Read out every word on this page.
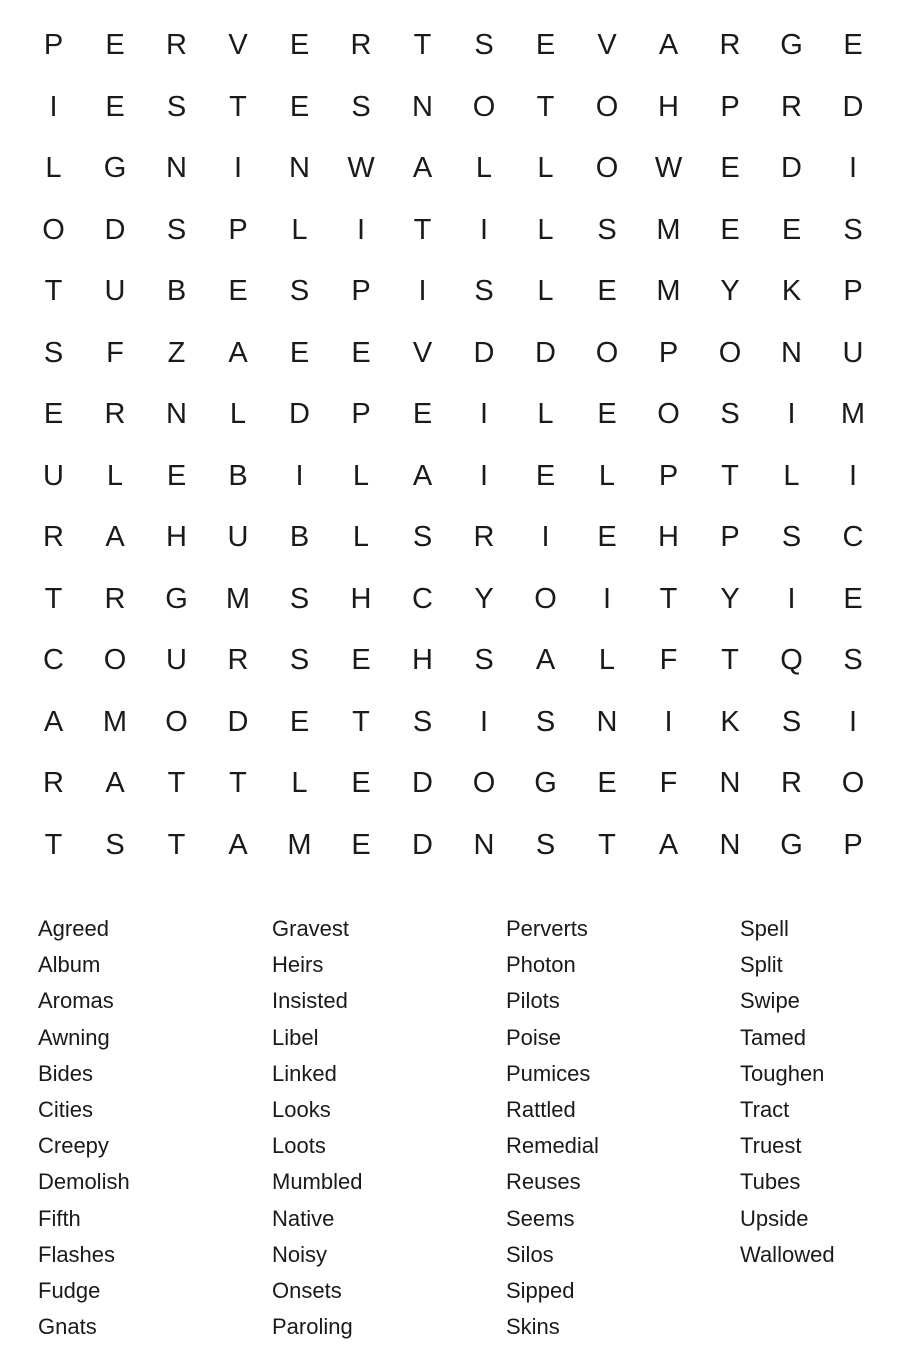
P	E	R	V	E	R	T	S	E	V	A	R	G	E
I	E	S	T	E	S	N	O	T	O	H	P	R	D
L	G	N	I	N	W	A	L	L	O	W	E	D	I
O	D	S	P	L	I	T	I	L	S	M	E	E	S
T	U	B	E	S	P	I	S	L	E	M	Y	K	P
S	F	Z	A	E	E	V	D	D	O	P	O	N	U
E	R	N	L	D	P	E	I	L	E	O	S	I	M
U	L	E	B	I	L	A	I	E	L	P	T	L	I
R	A	H	U	B	L	S	R	I	E	H	P	S	C
T	R	G	M	S	H	C	Y	O	I	T	Y	I	E
C	O	U	R	S	E	H	S	A	L	F	T	Q	S
A	M	O	D	E	T	S	I	S	N	I	K	S	I
R	A	T	T	L	E	D	O	G	E	F	N	R	O
T	S	T	A	M	E	D	N	S	T	A	N	G	P
Agreed
Album
Aromas
Awning
Bides
Cities
Creepy
Demolish
Fifth
Flashes
Fudge
Gnats
Gravest
Heirs
Insisted
Libel
Linked
Looks
Loots
Mumbled
Native
Noisy
Onsets
Paroling
Perverts
Photon
Pilots
Poise
Pumices
Rattled
Remedial
Reuses
Seems
Silos
Sipped
Skins
Spell
Split
Swipe
Tamed
Toughen
Tract
Truest
Tubes
Upside
Wallowed
